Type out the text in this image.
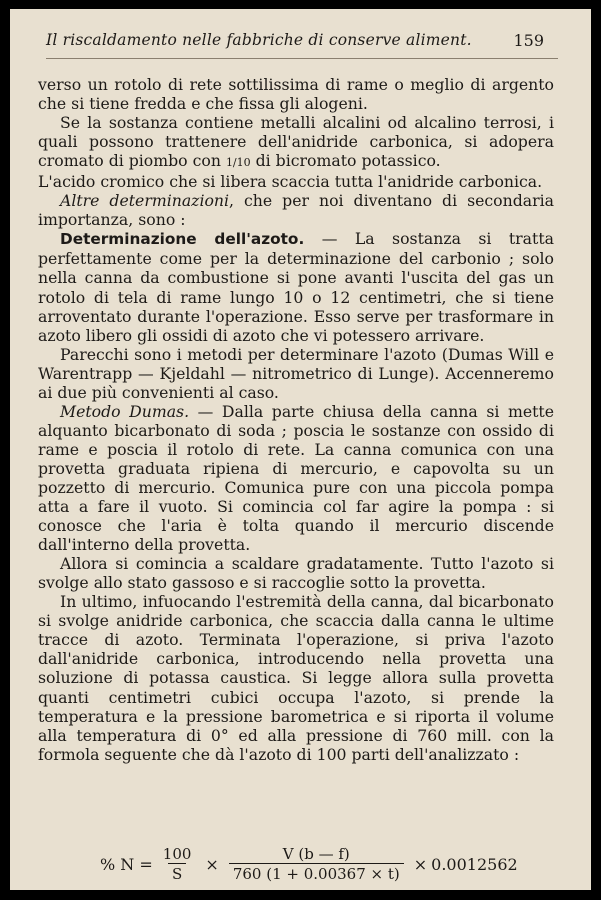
Il riscaldamento nelle fabbriche di conserve aliment.	159

verso un rotolo di rete sottilissima di rame o meglio di argento che si tiene fredda e che fissa gli alogeni.

Se la sostanza contiene metalli alcalini od alcalino terrosi, i quali possono trattenere dell'anidride carbonica, si adopera cromato di piombo con 1/10 di bicromato potassico.

L'acido cromico che si libera scaccia tutta l'anidride carbonica.

Altre determinazioni, che per noi diventano di secondaria importanza, sono :

Determinazione dell'azoto. — La sostanza si tratta perfettamente come per la determinazione del carbonio ; solo nella canna da combustione si pone avanti l'uscita del gas un rotolo di tela di rame lungo 10 o 12 centimetri, che si tiene arroventato durante l'operazione. Esso serve per trasformare in azoto libero gli ossidi di azoto che vi potessero arrivare.

Parecchi sono i metodi per determinare l'azoto (Dumas Will e Warentrapp — Kjeldahl — nitrometrico di Lunge). Accenneremo ai due più convenienti al caso.

Metodo Dumas. — Dalla parte chiusa della canna si mette alquanto bicarbonato di soda ; poscia le sostanze con ossido di rame e poscia il rotolo di rete. La canna comunica con una provetta graduata ripiena di mercurio, e capovolta su un pozzetto di mercurio. Comunica pure con una piccola pompa atta a fare il vuoto. Si comincia col far agire la pompa : si conosce che l'aria è tolta quando il mercurio discende dall'interno della provetta.

Allora si comincia a scaldare gradatamente. Tutto l'azoto si svolge allo stato gassoso e si raccoglie sotto la provetta.

In ultimo, infuocando l'estremità della canna, dal bicarbonato si svolge anidride carbonica, che scaccia dalla canna le ultime tracce di azoto. Terminata l'operazione, si priva l'azoto dall'anidride carbonica, introducendo nella provetta una soluzione di potassa caustica. Si legge allora sulla provetta quanti centimetri cubici occupa l'azoto, si prende la temperatura e la pressione barometrica e si riporta il volume alla temperatura di 0° ed alla pressione di 760 mill. con la formola seguente che dà l'azoto di 100 parti dell'analizzato :

% $N = \frac{100}{S} \times \frac{V (b — f)}{760 (1 + 0.00367 \times t)} \times 0.0012562$
